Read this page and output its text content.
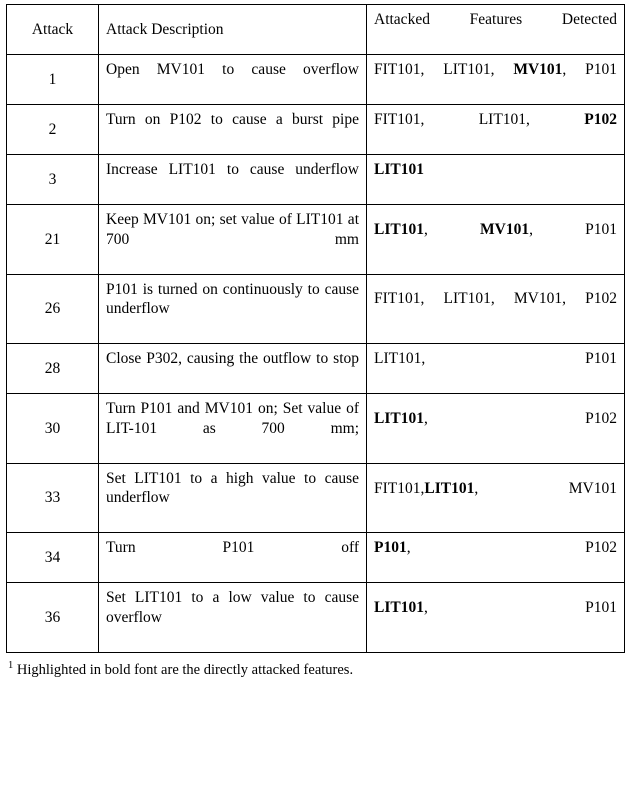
Attack	Attack Description	Attacked Features Detected
1	Open MV101 to cause overflow	FIT101, LIT101, MV101, P101
2	Turn on P102 to cause a burst pipe	FIT101, LIT101, P102
3	Increase LIT101 to cause underflow	LIT101
21	Keep MV101 on; set value of LIT101 at 700 mm	LIT101, MV101, P101
26	P101 is turned on continuously to cause underflow	FIT101, LIT101, MV101, P102
28	Close P302, causing the outflow to stop	LIT101, P101
30	Turn P101 and MV101 on; Set value of LIT-101 as 700 mm;	LIT101, P102
33	Set LIT101 to a high value to cause underflow	FIT101,LIT101, MV101
34	Turn P101 off	P101, P102
36	Set LIT101 to a low value to cause overflow	LIT101, P101
$^1$ Highlighted in bold font are the directly attacked features.
